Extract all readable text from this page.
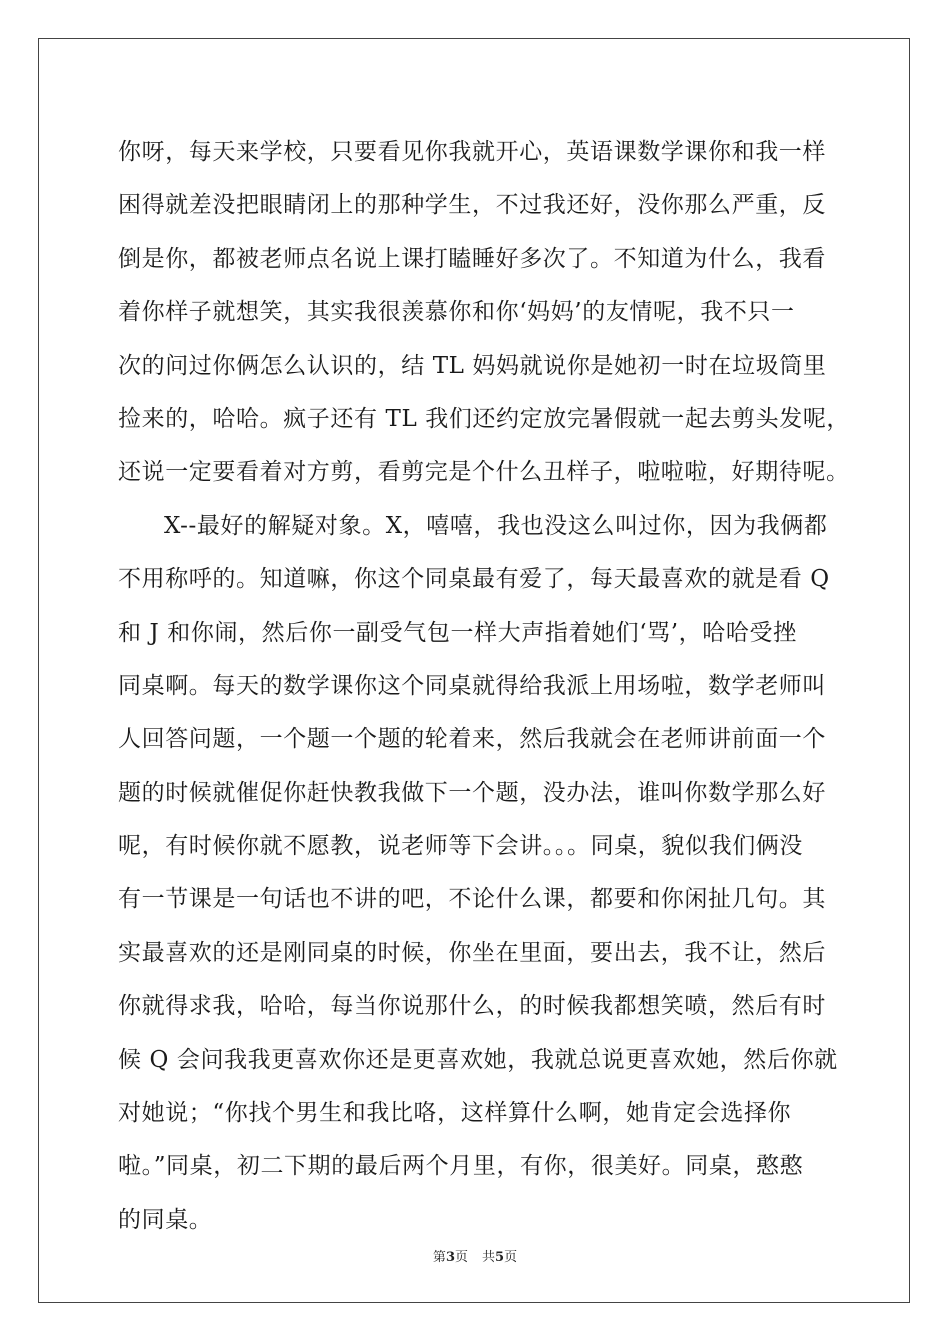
你呀，每天来学校，只要看见你我就开心，英语课数学课你和我一样
困得就差没把眼睛闭上的那种学生，不过我还好，没你那么严重，反
倒是你，都被老师点名说上课打瞌睡好多次了。不知道为什么，我看
着你样子就想笑，其实我很羡慕你和你‘妈妈’的友情呢，我不只一
次的问过你俩怎么认识的，结 TL 妈妈就说你是她初一时在垃圾筒里
捡来的，哈哈。疯子还有 TL 我们还约定放完暑假就一起去剪头发呢，
还说一定要看着对方剪，看剪完是个什么丑样子，啦啦啦，好期待呢。
X--最好的解疑对象。X，嘻嘻，我也没这么叫过你，因为我俩都
不用称呼的。知道嘛，你这个同桌最有爱了，每天最喜欢的就是看 Q
和 J 和你闹，然后你一副受气包一样大声指着她们‘骂’，哈哈受挫
同桌啊。每天的数学课你这个同桌就得给我派上用场啦，数学老师叫
人回答问题，一个题一个题的轮着来，然后我就会在老师讲前面一个
题的时候就催促你赶快教我做下一个题，没办法，谁叫你数学那么好
呢，有时候你就不愿教，说老师等下会讲。。。同桌，貌似我们俩没
有一节课是一句话也不讲的吧，不论什么课，都要和你闲扯几句。其
实最喜欢的还是刚同桌的时候，你坐在里面，要出去，我不让，然后
你就得求我，哈哈，每当你说那什么，的时候我都想笑喷，然后有时
候 Q 会问我我更喜欢你还是更喜欢她，我就总说更喜欢她，然后你就
对她说；“你找个男生和我比咯，这样算什么啊，她肯定会选择你
啦。”同桌，初二下期的最后两个月里，有你，很美好。同桌，憨憨
的同桌。
第3页 共5页
